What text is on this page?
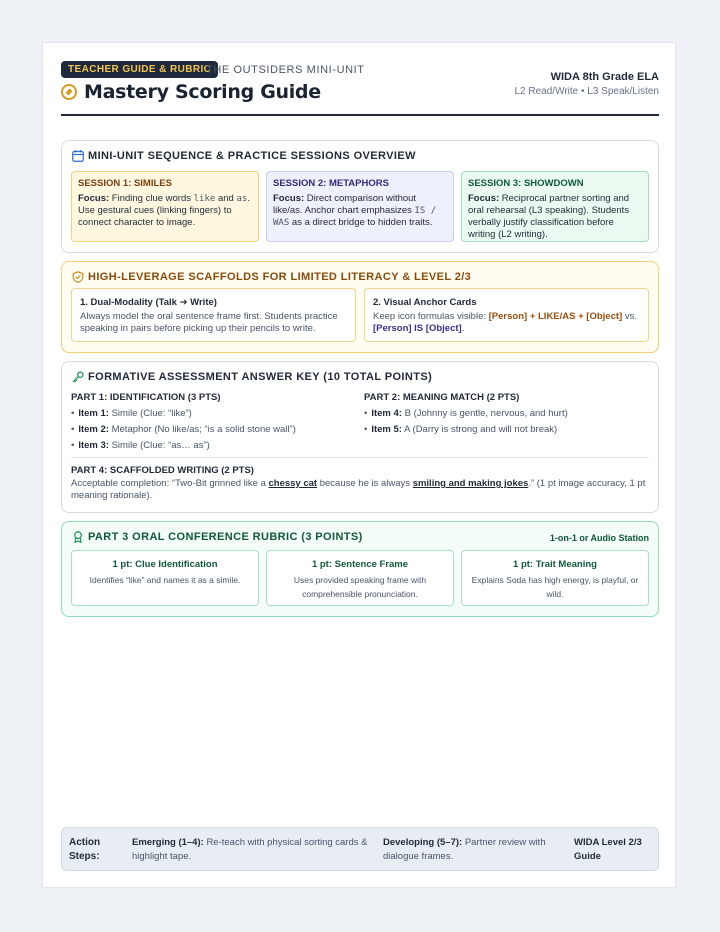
TEACHER GUIDE & RUBRIC
THE OUTSIDERS MINI-UNIT
Mastery Scoring Guide
WIDA 8th Grade ELA
L2 Read/Write • L3 Speak/Listen
MINI-UNIT SEQUENCE & PRACTICE SESSIONS OVERVIEW
SESSION 1: SIMILES
Focus: Finding clue words like and as. Use gestural cues (linking fingers) to connect character to image.
SESSION 2: METAPHORS
Focus: Direct comparison without like/as. Anchor chart emphasizes IS / WAS as a direct bridge to hidden traits.
SESSION 3: SHOWDOWN
Focus: Reciprocal partner sorting and oral rehearsal (L3 speaking). Students verbally justify classification before writing (L2 writing).
HIGH-LEVERAGE SCAFFOLDS FOR LIMITED LITERACY & LEVEL 2/3
1. Dual-Modality (Talk ➔ Write)
Always model the oral sentence frame first. Students practice speaking in pairs before picking up their pencils to write.
2. Visual Anchor Cards
Keep icon formulas visible: [Person] + LIKE/AS + [Object] vs. [Person] IS [Object].
FORMATIVE ASSESSMENT ANSWER KEY (10 TOTAL POINTS)
PART 1: IDENTIFICATION (3 PTS)
• Item 1: Simile (Clue: “like”)
• Item 2: Metaphor (No like/as; “is a solid stone wall”)
• Item 3: Simile (Clue: “as… as”)
PART 2: MEANING MATCH (2 PTS)
• Item 4: B (Johnny is gentle, nervous, and hurt)
• Item 5: A (Darry is strong and will not break)
PART 4: SCAFFOLDED WRITING (2 PTS)
Acceptable completion: “Two-Bit grinned like a chessy cat because he is always smiling and making jokes.” (1 pt image accuracy, 1 pt meaning rationale).
PART 3 ORAL CONFERENCE RUBRIC (3 POINTS)	1-on-1 or Audio Station
1 pt: Clue Identification
Identifies “like” and names it as a simile.
1 pt: Sentence Frame
Uses provided speaking frame with comprehensible pronunciation.
1 pt: Trait Meaning
Explains Soda has high energy, is playful, or wild.
Action Steps:
Emerging (1–4): Re-teach with physical sorting cards & highlight tape.
Developing (5–7): Partner review with dialogue frames.
WIDA Level 2/3 Guide
